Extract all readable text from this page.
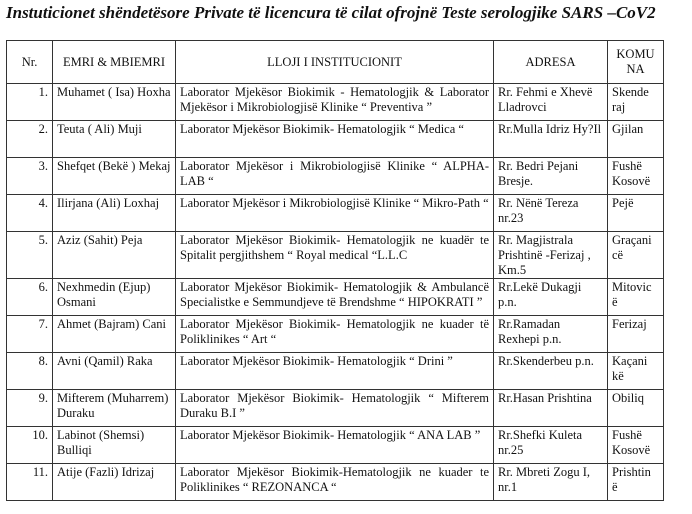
Instuticionet shëndetësore Private të licencura të cilat ofrojnë Teste serologjike SARS –CoV2
Nr.	EMRI & MBIEMRI	LLOJI I INSTITUCIONIT	ADRESA	KOMU NA
1.	Muhamet ( Isa) Hoxha	Laborator Mjekësor Biokimik - Hematologjik & Laborator Mjekësor i Mikrobiologjisë Klinike “ Preventiva ”	Rr. Fehmi e Xhevë Lladrovci	Skende raj
2.	Teuta ( Ali) Muji	Laborator Mjekësor Biokimik- Hematologjik “ Medica “	Rr.Mulla Idriz Hy?Il	Gjilan
3.	Shefqet (Bekë ) Mekaj	Laborator Mjekësor i Mikrobiologjisë Klinike “ ALPHA-LAB “	Rr. Bedri Pejani Bresje.	Fushë Kosovë
4.	Ilirjana (Ali) Loxhaj	Laborator Mjekësor i Mikrobiologjisë Klinike “ Mikro-Path “	Rr. Nënë Tereza nr.23	Pejë
5.	Aziz (Sahit) Peja	Laborator Mjekësor Biokimik- Hematologjik ne kuadër te Spitalit pergjithshem “ Royal medical “L.L.C	Rr. Magjistrala Prishtinë -Ferizaj , Km.5	Graçani cë
6.	Nexhmedin (Ejup) Osmani	Laborator Mjekësor Biokimik- Hematologjik & Ambulancë Specialistke e Semmundjeve të Brendshme “ HIPOKRATI ”	Rr.Lekë Dukagji p.n.	Mitovic ë
7.	Ahmet (Bajram) Cani	Laborator Mjekësor Biokimik- Hematologjik ne kuader të Poliklinikes “ Art “	Rr.Ramadan Rexhepi p.n.	Ferizaj
8.	Avni (Qamil) Raka	Laborator Mjekësor Biokimik- Hematologjik “ Drini ”	Rr.Skenderbeu p.n.	Kaçani kë
9.	Mifterem (Muharrem) Duraku	Laborator Mjekësor Biokimik- Hematologjik “ Mifterem Duraku B.I ”	Rr.Hasan Prishtina	Obiliq
10.	Labinot (Shemsi) Bulliqi	Laborator Mjekësor Biokimik- Hematologjik “ ANA LAB ”	Rr.Shefki Kuleta nr.25	Fushë Kosovë
11.	Atije (Fazli) Idrizaj	Laborator Mjekësor Biokimik-Hematologjik ne kuader te Poliklinikes “ REZONANCA “	Rr. Mbreti Zogu I, nr.1	Prishtin ë
